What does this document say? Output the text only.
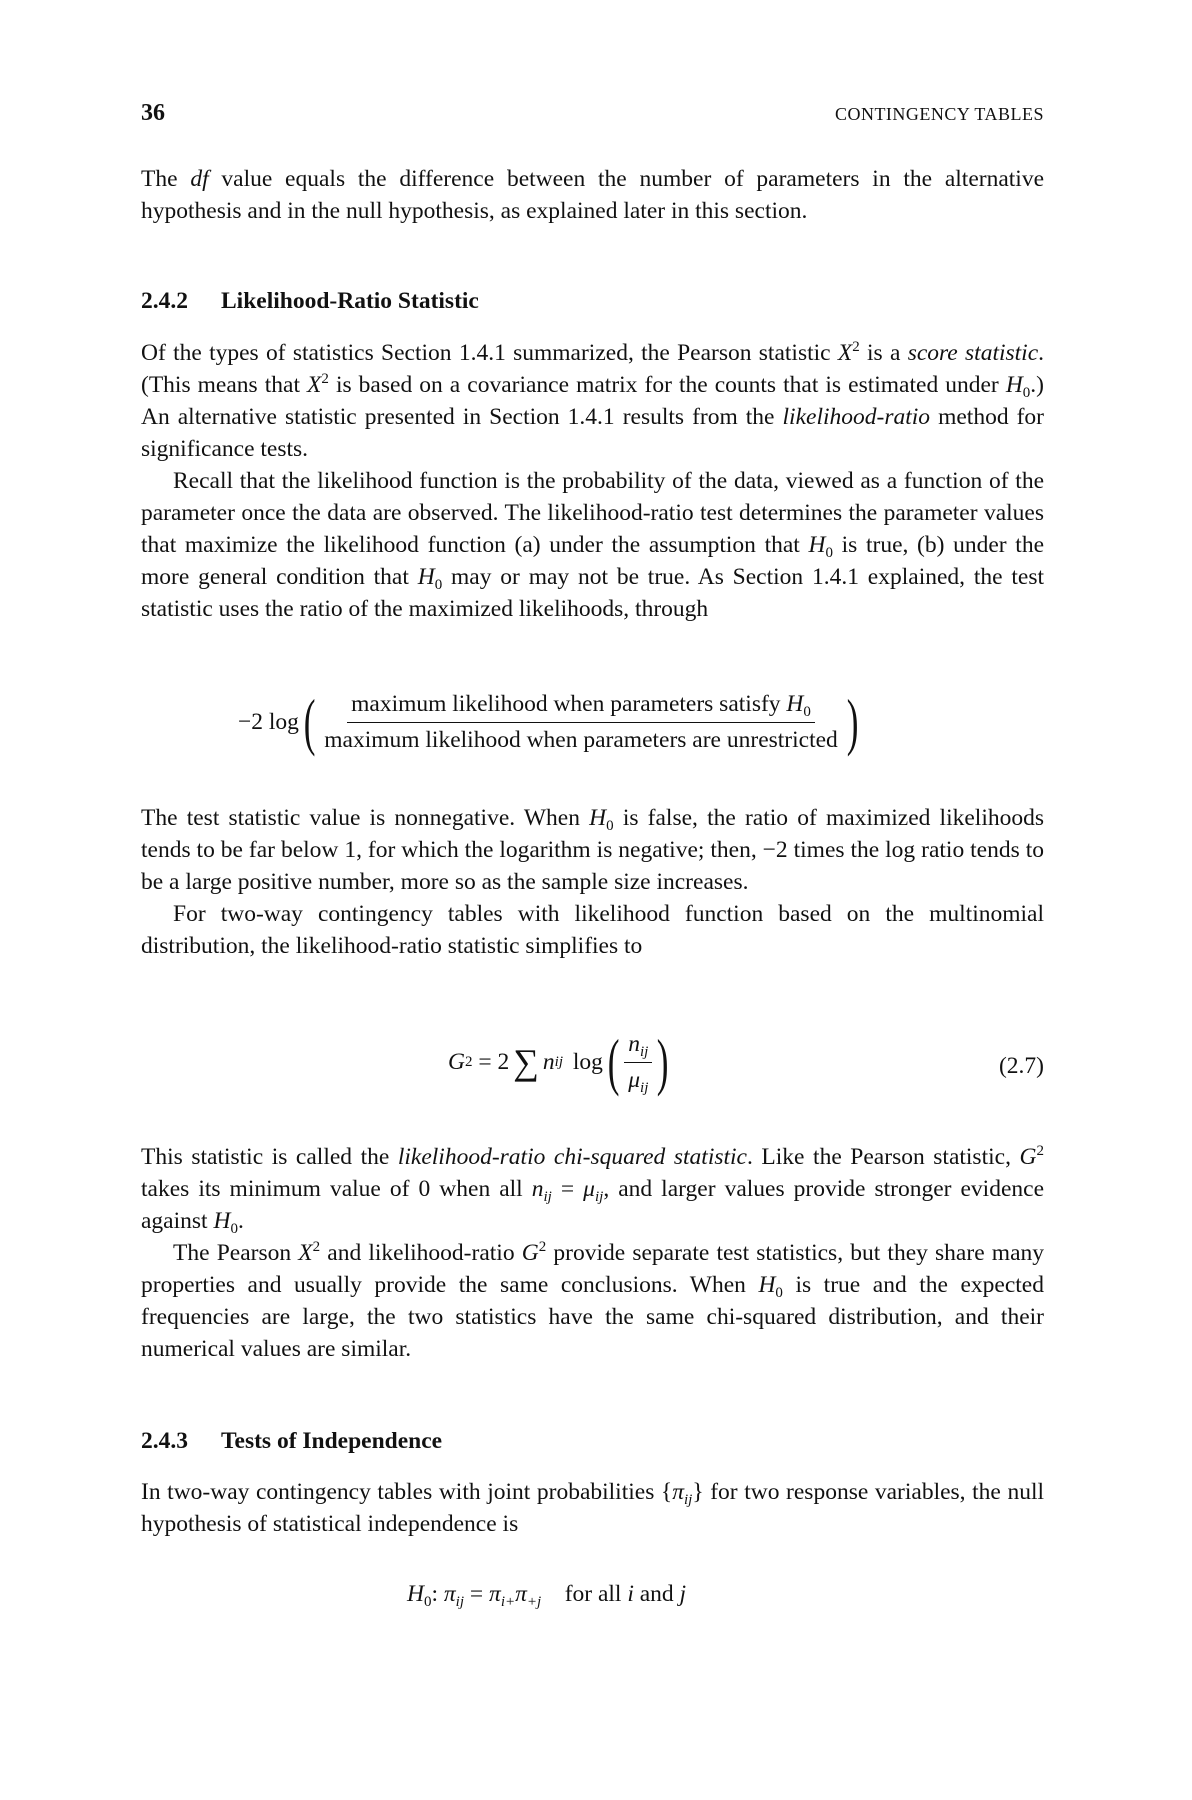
36	CONTINGENCY TABLES

The df value equals the difference between the number of parameters in the alternative hypothesis and in the null hypothesis, as explained later in this section.

2.4.2 Likelihood-Ratio Statistic

Of the types of statistics Section 1.4.1 summarized, the Pearson statistic $X^2$ is a score statistic. (This means that $X^2$ is based on a covariance matrix for the counts that is estimated under $H_0$.) An alternative statistic presented in Section 1.4.1 results from the likelihood-ratio method for significance tests.

Recall that the likelihood function is the probability of the data, viewed as a function of the parameter once the data are observed. The likelihood-ratio test determines the parameter values that maximize the likelihood function (a) under the assumption that $H_0$ is true, (b) under the more general condition that $H_0$ may or may not be true. As Section 1.4.1 explained, the test statistic uses the ratio of the maximized likelihoods, through

−2 log ( $\frac{maximum likelihood when parameters satisfy H_0}{\text{maximum likelihood when parameters are unrestricted}}$ )

The test statistic value is nonnegative. When $H_0$ is false, the ratio of maximized likelihoods tends to be far below 1, for which the logarithm is negative; then, −2 times the log ratio tends to be a large positive number, more so as the sample size increases.

For two-way contingency tables with likelihood function based on the multinomial distribution, the likelihood-ratio statistic simplifies to

G 2 = 2 ∑ n ij log ( $\frac{n_{ij}}{\mu_{ij}}$ )	(2.7)

This statistic is called the likelihood-ratio chi-squared statistic. Like the Pearson statistic, $G^2$ takes its minimum value of 0 when all $n_{ij} = \mu_{ij}$, and larger values provide stronger evidence against $H_0$.

The Pearson $X^2$ and likelihood-ratio $G^2$ provide separate test statistics, but they share many properties and usually provide the same conclusions. When $H_0$ is true and the expected frequencies are large, the two statistics have the same chi-squared distribution, and their numerical values are similar.

2.4.3 Tests of Independence

In two-way contingency tables with joint probabilities $\{\pi_{ij}\}$ for two response variables, the null hypothesis of statistical independence is

$H_0$: $\pi_{ij} = \pi_{i+}\pi_{+j}$    for all i and j
